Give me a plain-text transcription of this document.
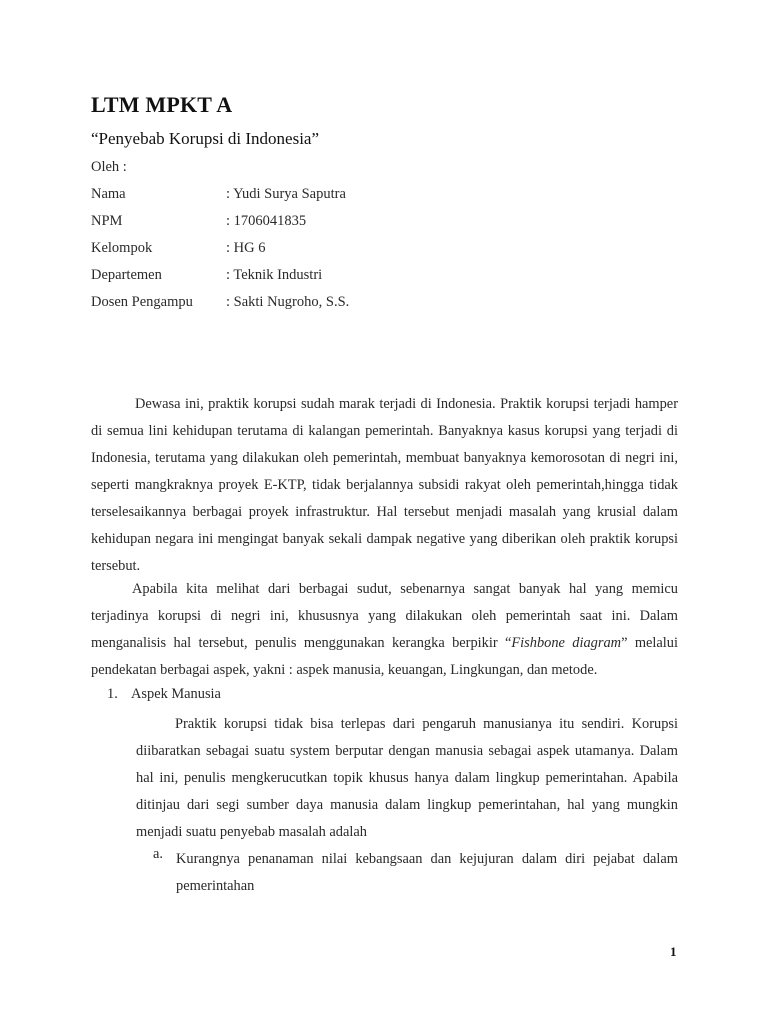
LTM MPKT A
“Penyebab Korupsi di Indonesia”
Oleh :
Nama	: Yudi Surya Saputra
NPM	: 1706041835
Kelompok	: HG 6
Departemen	: Teknik Industri
Dosen Pengampu : Sakti Nugroho, S.S.

Dewasa ini, praktik korupsi sudah marak terjadi di Indonesia. Praktik korupsi terjadi hamper di semua lini kehidupan terutama di kalangan pemerintah. Banyaknya kasus korupsi yang terjadi di Indonesia, terutama yang dilakukan oleh pemerintah, membuat banyaknya kemorosotan di negri ini, seperti mangkraknya proyek E-KTP, tidak berjalannya subsidi rakyat oleh pemerintah,hingga tidak terselesaikannya berbagai proyek infrastruktur. Hal tersebut menjadi masalah yang krusial dalam kehidupan negara ini mengingat banyak sekali dampak negative yang diberikan oleh praktik korupsi tersebut.

Apabila kita melihat dari berbagai sudut, sebenarnya sangat banyak hal yang memicu terjadinya korupsi di negri ini, khususnya yang dilakukan oleh pemerintah saat ini. Dalam menganalisis hal tersebut, penulis menggunakan kerangka berpikir “Fishbone diagram” melalui pendekatan berbagai aspek, yakni : aspek manusia, keuangan, Lingkungan, dan metode.

1. Aspek Manusia

Praktik korupsi tidak bisa terlepas dari pengaruh manusianya itu sendiri. Korupsi diibaratkan sebagai suatu system berputar dengan manusia sebagai aspek utamanya. Dalam hal ini, penulis mengkerucutkan topik khusus hanya dalam lingkup pemerintahan. Apabila ditinjau dari segi sumber daya manusia dalam lingkup pemerintahan, hal yang mungkin menjadi suatu penyebab masalah adalah

a. Kurangnya penanaman nilai kebangsaan dan kejujuran dalam diri pejabat dalam pemerintahan

1
